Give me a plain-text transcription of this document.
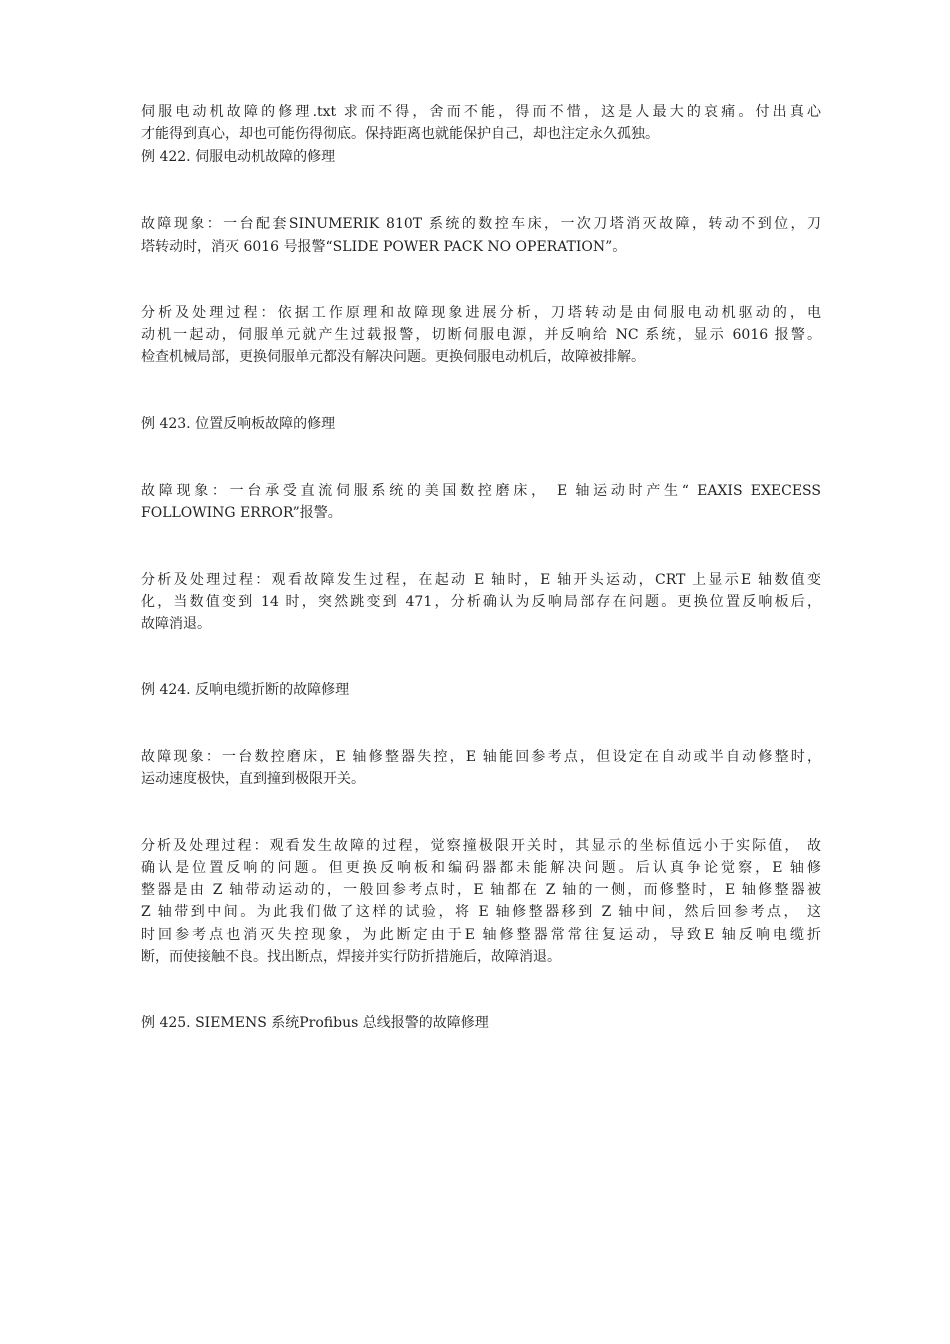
伺服电动机故障的修理.txt 求而不得，舍而不能，得而不惜，这是人最大的哀痛。付出真心
才能得到真心，却也可能伤得彻底。保持距离也就能保护自己，却也注定永久孤独。
例 422. 伺服电动机故障的修理
故障现象：一台配套SINUMERIK 810T 系统的数控车床，一次刀塔消灭故障，转动不到位，刀
塔转动时，消灭 6016 号报警“SLIDE POWER PACK NO OPERATION”。
分析及处理过程：依据工作原理和故障现象进展分析，刀塔转动是由伺服电动机驱动的，电
动机一起动，伺服单元就产生过载报警，切断伺服电源，并反响给 NC 系统，显示 6016 报警。
检查机械局部，更换伺服单元都没有解决问题。更换伺服电动机后，故障被排解。
例 423. 位置反响板故障的修理
故障现象：一台承受直流伺服系统的美国数控磨床， E 轴运动时产生“ EAXIS EXECESS
FOLLOWING ERROR”报警。
分析及处理过程：观看故障发生过程，在起动 E 轴时，E 轴开头运动，CRT 上显示E 轴数值变
化，当数值变到 14 时，突然跳变到 471，分析确认为反响局部存在问题。更换位置反响板后，
故障消退。
例 424. 反响电缆折断的故障修理
故障现象：一台数控磨床，E 轴修整器失控，E 轴能回参考点，但设定在自动或半自动修整时，
运动速度极快，直到撞到极限开关。
分析及处理过程：观看发生故障的过程，觉察撞极限开关时，其显示的坐标值远小于实际值， 故
确认是位置反响的问题。但更换反响板和编码器都未能解决问题。后认真争论觉察，E 轴修
整器是由 Z 轴带动运动的，一般回参考点时，E 轴都在 Z 轴的一侧，而修整时，E 轴修整器被
Z 轴带到中间。为此我们做了这样的试验，将 E 轴修整器移到 Z 轴中间，然后回参考点， 这
时回参考点也消灭失控现象，为此断定由于E 轴修整器常常往复运动，导致E 轴反响电缆折
断，而使接触不良。找出断点，焊接并实行防折措施后，故障消退。
例 425. SIEMENS 系统Profibus 总线报警的故障修理
